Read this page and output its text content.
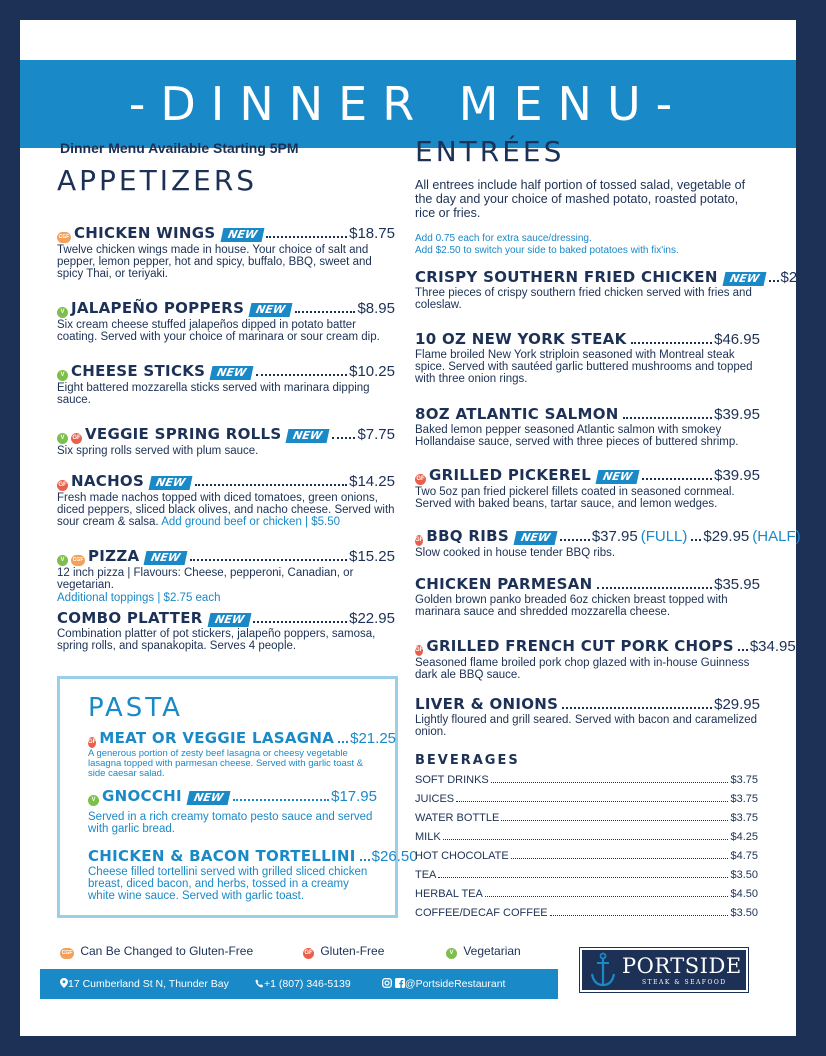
-DINNER MENU-
Dinner Menu Available Starting 5PM
APPETIZERS
CGF CHICKEN WINGS NEW	$18.75
Twelve chicken wings made in house. Your choice of salt and pepper, lemon pepper, hot and spicy, buffalo, BBQ, sweet and spicy Thai, or teriyaki.
V JALAPEÑO POPPERS NEW	$8.95
Six cream cheese stuffed jalapeños dipped in potato batter coating. Served with your choice of marinara or sour cream dip.
V CHEESE STICKS NEW	$10.25
Eight battered mozzarella sticks served with marinara dipping sauce.
V	GF VEGGIE SPRING ROLLS NEW	$7.75
Six spring rolls served with plum sauce.
GF NACHOS NEW	$14.25
Fresh made nachos topped with diced tomatoes, green onions, diced peppers, sliced black olives, and nacho cheese. Served with sour cream & salsa. Add ground beef or chicken | $5.50
V	CGF PIZZA NEW	$15.25
12 inch pizza | Flavours: Cheese, pepperoni, Canadian, or vegetarian.
Additional toppings | $2.75 each
COMBO PLATTER NEW	$22.95
Combination platter of pot stickers, jalapeño poppers, samosa, spring rolls, and spanakopita. Serves 4 people.
PASTA
GF MEAT OR VEGGIE LASAGNA $21.25
A generous portion of zesty beef lasagna or cheesy vegetable lasagna topped with parmesan cheese. Served with garlic toast & side caesar salad.
V GNOCCHI NEW	$17.95
Served in a rich creamy tomato pesto sauce and served with garlic bread.
CHICKEN & BACON TORTELLINI $26.50
Cheese filled tortellini served with grilled sliced chicken breast, diced bacon, and herbs, tossed in a creamy white wine sauce. Served with garlic toast.
ENTRÉES
All entrees include half portion of tossed salad, vegetable of the day and your choice of mashed potato, roasted potato, rice or fries.
Add 0.75 each for extra sauce/dressing.
Add $2.50 to switch your side to baked potatoes with fix'ins.
CRISPY SOUTHERN FRIED CHICKEN NEW	$23.95
Three pieces of crispy southern fried chicken served with fries and coleslaw.
10 OZ NEW YORK STEAK	$46.95
Flame broiled New York striploin seasoned with Montreal steak spice. Served with sautéed garlic buttered mushrooms and topped with three onion rings.
8OZ ATLANTIC SALMON	$39.95
Baked lemon pepper seasoned Atlantic salmon with smokey Hollandaise sauce, served with three pieces of buttered shrimp.
GF GRILLED PICKEREL NEW	$39.95
Two 5oz pan fried pickerel fillets coated in seasoned cornmeal. Served with baked beans, tartar sauce, and lemon wedges.
GF BBQ RIBS NEW	$37.95 (FULL) $29.95 (HALF)
Slow cooked in house tender BBQ ribs.
CHICKEN PARMESAN	$35.95
Golden brown panko breaded 6oz chicken breast topped with marinara sauce and shredded mozzarella cheese.
GF GRILLED FRENCH CUT PORK CHOPS $34.95
Seasoned flame broiled pork chop glazed with in-house Guinness dark ale BBQ sauce.
LIVER & ONIONS	$29.95
Lightly floured and grill seared. Served with bacon and caramelized onion.
BEVERAGES
SOFT DRINKS	$3.75
JUICES	$3.75
WATER BOTTLE	$3.75
MILK	$4.25
HOT CHOCOLATE	$4.75
TEA	$3.50
HERBAL TEA	$4.50
COFFEE/DECAF COFFEE	$3.50
CGF Can Be Changed to Gluten-Free	GF Gluten-Free	V Vegetarian
17 Cumberland St N, Thunder Bay	+1 (807) 346-5139
	@PortsideRestaurant
PORTSIDE
STEAK & SEAFOOD
